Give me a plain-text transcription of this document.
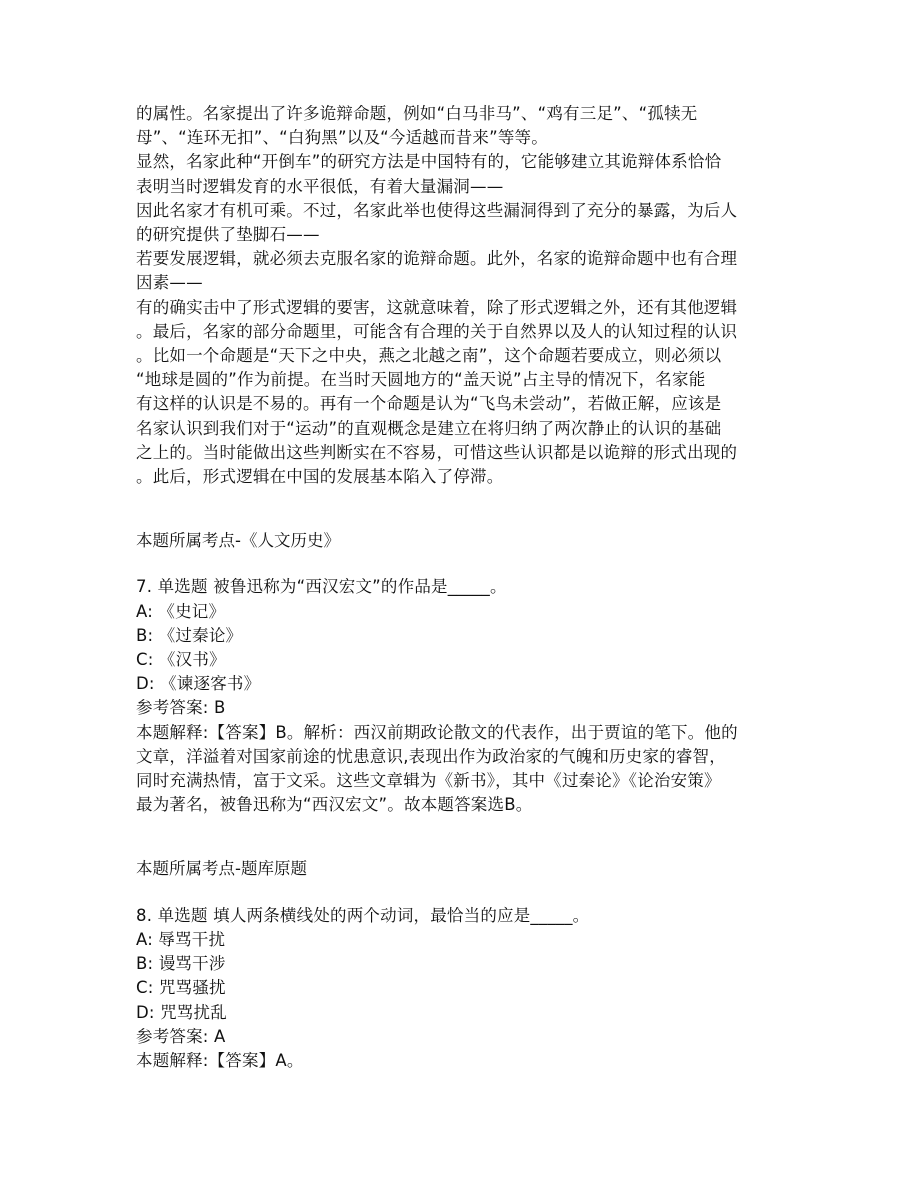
的属性。名家提出了许多诡辩命题，例如“白马非马”、“鸡有三足”、“孤犊无
母”、“连环无扣”、“白狗黑”以及“今适越而昔来”等等。
显然，名家此种“开倒车”的研究方法是中国特有的，它能够建立其诡辩体系恰恰
表明当时逻辑发育的水平很低，有着大量漏洞——
因此名家才有机可乘。不过，名家此举也使得这些漏洞得到了充分的暴露，为后人
的研究提供了垫脚石——
若要发展逻辑，就必须去克服名家的诡辩命题。此外，名家的诡辩命题中也有合理
因素——
有的确实击中了形式逻辑的要害，这就意味着，除了形式逻辑之外，还有其他逻辑
。最后，名家的部分命题里，可能含有合理的关于自然界以及人的认知过程的认识
。比如一个命题是“天下之中央，燕之北越之南”，这个命题若要成立，则必须以
“地球是圆的”作为前提。在当时天圆地方的“盖天说”占主导的情况下，名家能
有这样的认识是不易的。再有一个命题是认为“飞鸟未尝动”，若做正解，应该是
名家认识到我们对于“运动”的直观概念是建立在将归纳了两次静止的认识的基础
之上的。当时能做出这些判断实在不容易，可惜这些认识都是以诡辩的形式出现的
。此后，形式逻辑在中国的发展基本陷入了停滞。
本题所属考点-《人文历史》
7. 单选题 被鲁迅称为“西汉宏文”的作品是_____。
A: 《史记》
B: 《过秦论》
C: 《汉书》
D: 《谏逐客书》
参考答案: B
本题解释:【答案】B。解析：西汉前期政论散文的代表作，出于贾谊的笔下。他的
文章，洋溢着对国家前途的忧患意识,表现出作为政治家的气魄和历史家的睿智，
同时充满热情，富于文采。这些文章辑为《新书》，其中《过秦论》《论治安策》
最为著名，被鲁迅称为“西汉宏文”。故本题答案选B。
本题所属考点-题库原题
8. 单选题 填人两条横线处的两个动词，最恰当的应是_____。
A: 辱骂干扰
B: 谩骂干涉
C: 咒骂骚扰
D: 咒骂扰乱
参考答案: A
本题解释:【答案】A。
